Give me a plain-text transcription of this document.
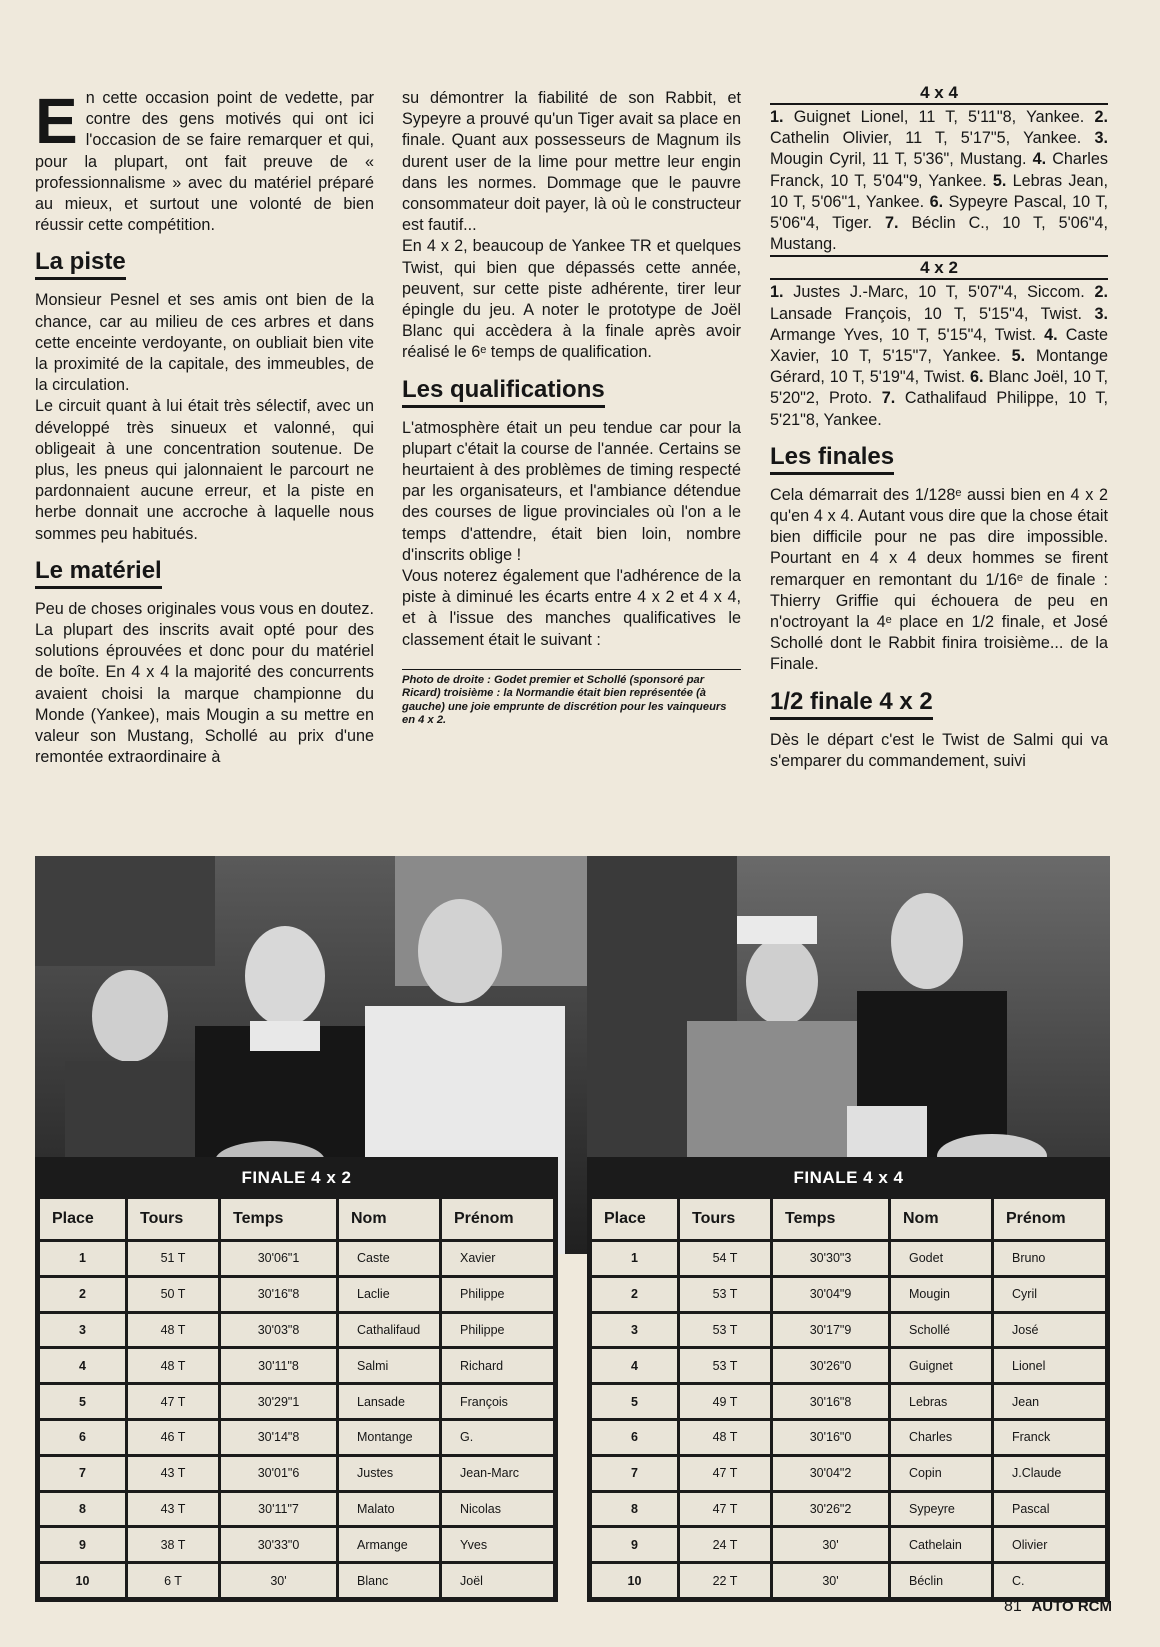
En cette occasion point de vedette, par contre des gens motivés qui ont ici l'occasion de se faire remarquer et qui, pour la plupart, ont fait preuve de « professionnalisme » avec du matériel préparé au mieux, et surtout une volonté de bien réussir cette compétition.

La piste

Monsieur Pesnel et ses amis ont bien de la chance, car au milieu de ces arbres et dans cette enceinte verdoyante, on oubliait bien vite la proximité de la capitale, des immeubles, de la circulation.

Le circuit quant à lui était très sélectif, avec un développé très sinueux et valonné, qui obligeait à une concentration soutenue. De plus, les pneus qui jalonnaient le parcourt ne pardonnaient aucune erreur, et la piste en herbe donnait une accroche à laquelle nous sommes peu habitués.

Le matériel

Peu de choses originales vous vous en doutez. La plupart des inscrits avait opté pour des solutions éprouvées et donc pour du matériel de boîte. En 4 x 4 la majorité des concurrents avaient choisi la marque championne du Monde (Yankee), mais Mougin a su mettre en valeur son Mustang, Schollé au prix d'une remontée extraordinaire à

su démontrer la fiabilité de son Rabbit, et Sypeyre a prouvé qu'un Tiger avait sa place en finale. Quant aux possesseurs de Magnum ils durent user de la lime pour mettre leur engin dans les normes. Dommage que le pauvre consommateur doit payer, là où le constructeur est fautif...

En 4 x 2, beaucoup de Yankee TR et quelques Twist, qui bien que dépassés cette année, peuvent, sur cette piste adhérente, tirer leur épingle du jeu. A noter le prototype de Joël Blanc qui accèdera à la finale après avoir réalisé le 6ᵉ temps de qualification.

Les qualifications

L'atmosphère était un peu tendue car pour la plupart c'était la course de l'année. Certains se heurtaient à des problèmes de timing respecté par les organisateurs, et l'ambiance détendue des courses de ligue provinciales où l'on a le temps d'attendre, était bien loin, nombre d'inscrits oblige !

Vous noterez également que l'adhérence de la piste à diminué les écarts entre 4 x 2 et 4 x 4, et à l'issue des manches qualificatives le classement était le suivant :

Photo de droite : Godet premier et Schollé (sponsoré par Ricard) troisième : la Normandie était bien représentée (à gauche) une joie emprunte de discrétion pour les vainqueurs en 4 x 2.
4 x 4

1. Guignet Lionel, 11 T, 5'11"8, Yankee. 2. Cathelin Olivier, 11 T, 5'17"5, Yankee. 3. Mougin Cyril, 11 T, 5'36", Mustang. 4. Charles Franck, 10 T, 5'04"9, Yankee. 5. Lebras Jean, 10 T, 5'06"1, Yankee. 6. Sypeyre Pascal, 10 T, 5'06"4, Tiger. 7. Béclin C., 10 T, 5'06"4, Mustang.

4 x 2

1. Justes J.-Marc, 10 T, 5'07"4, Siccom. 2. Lansade François, 10 T, 5'15"4, Twist. 3. Armange Yves, 10 T, 5'15"4, Twist. 4. Caste Xavier, 10 T, 5'15"7, Yankee. 5. Montange Gérard, 10 T, 5'19"4, Twist. 6. Blanc Joël, 10 T, 5'20"2, Proto. 7. Cathalifaud Philippe, 10 T, 5'21"8, Yankee.

Les finales

Cela démarrait des 1/128ᵉ aussi bien en 4 x 2 qu'en 4 x 4. Autant vous dire que la chose était bien difficile pour ne pas dire impossible. Pourtant en 4 x 4 deux hommes se firent remarquer en remontant du 1/16ᵉ de finale : Thierry Griffie qui échouera de peu en n'octroyant la 4ᵉ place en 1/2 finale, et José Schollé dont le Rabbit finira troisième... de la Finale.

1/2 finale 4 x 2

Dès le départ c'est le Twist de Salmi qui va s'emparer du commandement, suivi

FINALE 4 x 2
Place	Tours	Temps	Nom	Prénom
1	51 T	30'06"1	Caste	Xavier
2	50 T	30'16"8	Laclie	Philippe
3	48 T	30'03"8	Cathalifaud	Philippe
4	48 T	30'11"8	Salmi	Richard
5	47 T	30'29"1	Lansade	François
6	46 T	30'14"8	Montange	G.
7	43 T	30'01"6	Justes	Jean-Marc
8	43 T	30'11"7	Malato	Nicolas
9	38 T	30'33"0	Armange	Yves
10	6 T	30'	Blanc	Joël
FINALE 4 x 4
Place	Tours	Temps	Nom	Prénom
1	54 T	30'30"3	Godet	Bruno
2	53 T	30'04"9	Mougin	Cyril
3	53 T	30'17"9	Schollé	José
4	53 T	30'26"0	Guignet	Lionel
5	49 T	30'16"8	Lebras	Jean
6	48 T	30'16"0	Charles	Franck
7	47 T	30'04"2	Copin	J.Claude
8	47 T	30'26"2	Sypeyre	Pascal
9	24 T	30'	Cathelain	Olivier
10	22 T	30'	Béclin	C.
81 AUTO RCM
